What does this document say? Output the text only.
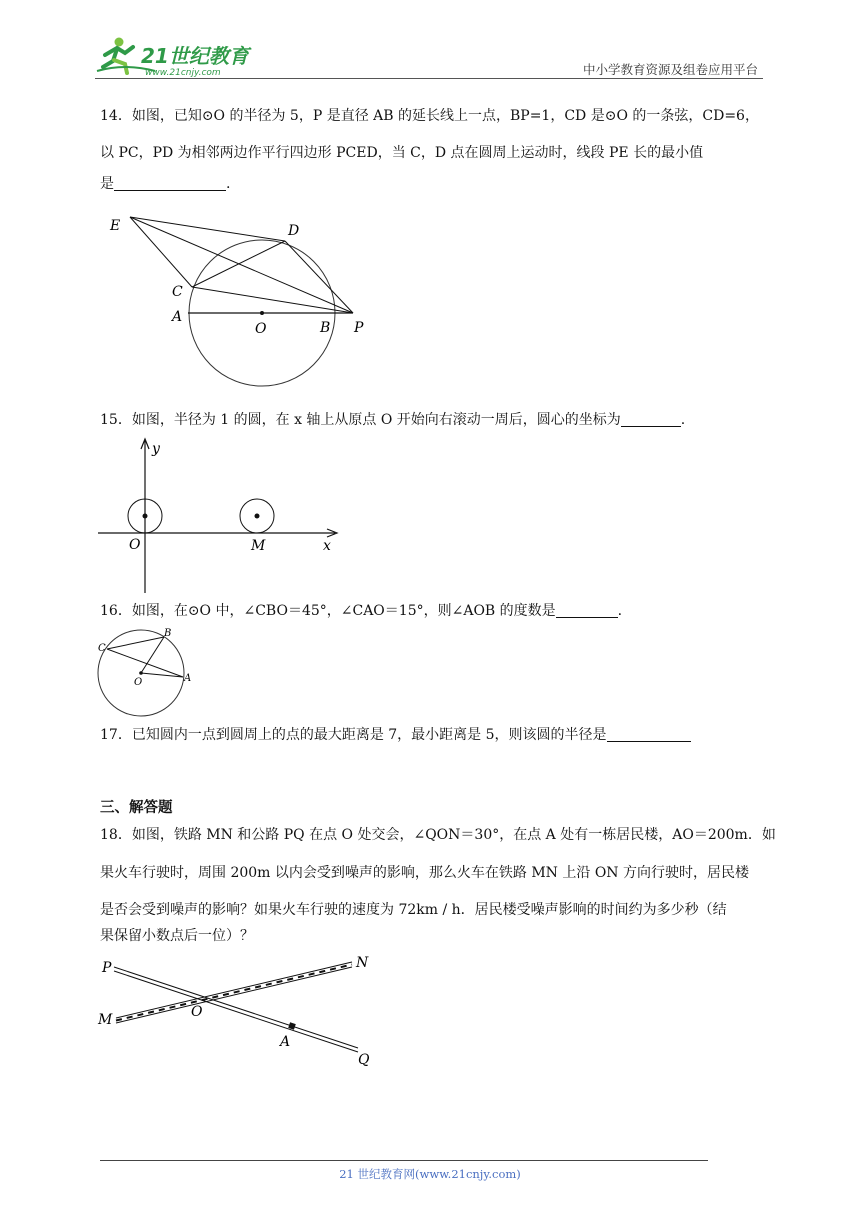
21世纪教育
www.21cnjy.com	中小学教育资源及组卷应用平台
14．如图，已知⊙O 的半径为 5，P 是直径 AB 的延长线上一点，BP=1，CD 是⊙O 的一条弦，CD=6，
以 PC，PD 为相邻两边作平行四边形 PCED，当 C，D 点在圆周上运动时，线段 PE 长的最小值
是	.
E	D
C
A
O	B P
15．如图，半径为 1 的圆，在 x 轴上从原点 O 开始向右滚动一周后，圆心的坐标为	.
y
O	M	x
16．如图，在⊙O 中，∠CBO＝45°，∠CAO＝15°，则∠AOB 的度数是	.
B
C
O	A
17．已知圆内一点到圆周上的点的最大距离是 7，最小距离是 5，则该圆的半径是
三、解答题
18．如图，铁路 MN 和公路 PQ 在点 O 处交会，∠QON＝30°，在点 A 处有一栋居民楼，AO＝200m．如
果火车行驶时，周围 200m 以内会受到噪声的影响，那么火车在铁路 MN 上沿 ON 方向行驶时，居民楼
是否会受到噪声的影响？如果火车行驶的速度为 72km / h．居民楼受噪声影响的时间约为多少秒（结
果保留小数点后一位）？
P	N
M	O
A
Q
21 世纪教育网(www.21cnjy.com)
